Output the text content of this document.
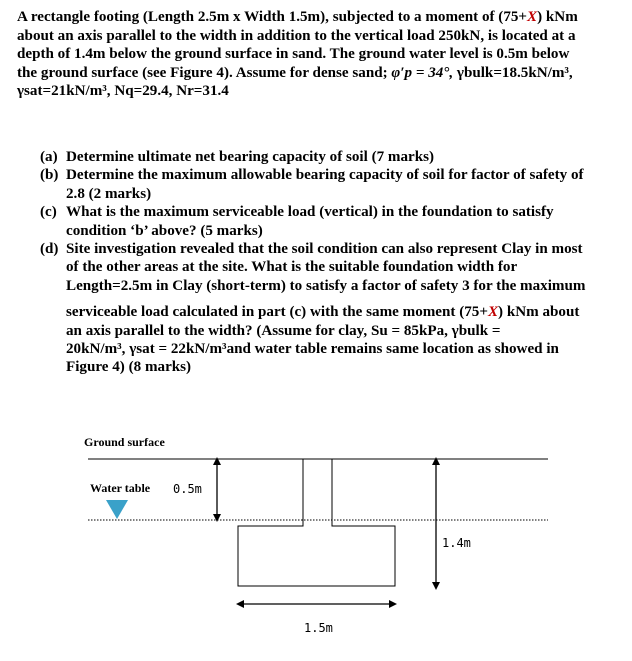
A rectangle footing (Length 2.5m x Width 1.5m), subjected to a moment of (75+X) kNm
about an axis parallel to the width in addition to the vertical load 250kN, is located at a
depth of 1.4m below the ground surface in sand. The ground water level is 0.5m below
the ground surface (see Figure 4). Assume for dense sand; φ′p = 34°, γbulk=18.5kN/m³,
γsat=21kN/m³, Nq=29.4, Nr=31.4
(a) Determine ultimate net bearing capacity of soil (7 marks)
(b) Determine the maximum allowable bearing capacity of soil for factor of safety of
2.8 (2 marks)
(c) What is the maximum serviceable load (vertical) in the foundation to satisfy
condition ‘b’ above? (5 marks)
(d) Site investigation revealed that the soil condition can also represent Clay in most
of the other areas at the site. What is the suitable foundation width for
Length=2.5m in Clay (short-term) to satisfy a factor of safety 3 for the maximum
serviceable load calculated in part (c) with the same moment (75+X) kNm about
an axis parallel to the width? (Assume for clay, Su = 85kPa, γbulk =
20kN/m³, γsat = 22kN/m³and water table remains same location as showed in
Figure 4) (8 marks)
Ground surface
Water table 0.5m
1.4m
1.5m
